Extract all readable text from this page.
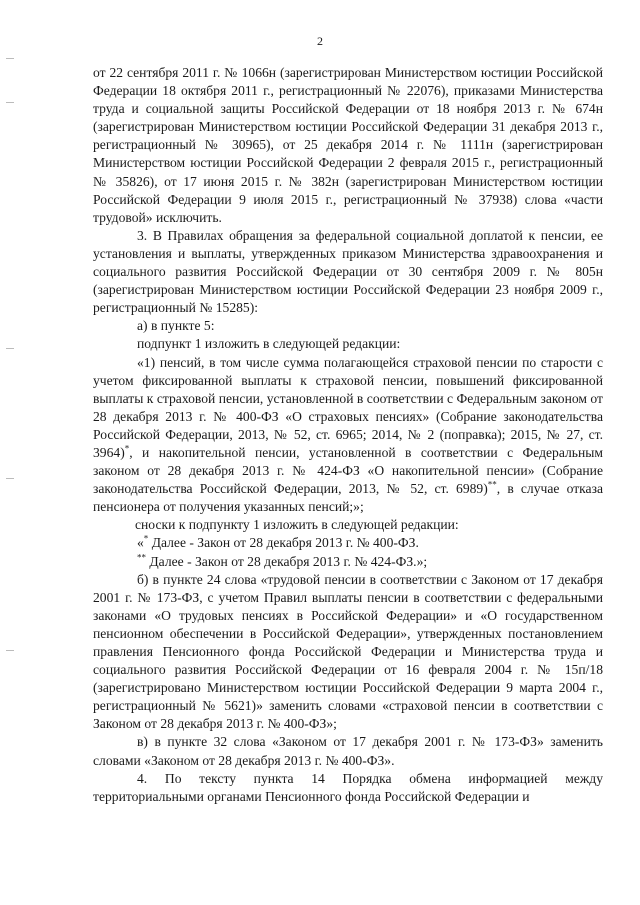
2

от 22 сентября 2011 г. № 1066н (зарегистрирован Министерством юстиции Российской Федерации 18 октября 2011 г., регистрационный № 22076), приказами Министерства труда и социальной защиты Российской Федерации от 18 ноября 2013 г. № 674н (зарегистрирован Министерством юстиции Российской Федерации 31 декабря 2013 г., регистрационный № 30965), от 25 декабря 2014 г. № 1111н (зарегистрирован Министерством юстиции Российской Федерации 2 февраля 2015 г., регистрационный № 35826), от 17 июня 2015 г. № 382н (зарегистрирован Министерством юстиции Российской Федерации 9 июля 2015 г., регистрационный № 37938) слова «части трудовой» исключить.

3. В Правилах обращения за федеральной социальной доплатой к пенсии, ее установления и выплаты, утвержденных приказом Министерства здравоохранения и социального развития Российской Федерации от 30 сентября 2009 г. № 805н (зарегистрирован Министерством юстиции Российской Федерации 23 ноября 2009 г., регистрационный № 15285):

а) в пункте 5:

подпункт 1 изложить в следующей редакции:

«1) пенсий, в том числе сумма полагающейся страховой пенсии по старости с учетом фиксированной выплаты к страховой пенсии, повышений фиксированной выплаты к страховой пенсии, установленной в соответствии с Федеральным законом от 28 декабря 2013 г. № 400-ФЗ «О страховых пенсиях» (Собрание законодательства Российской Федерации, 2013, № 52, ст. 6965; 2014, № 2 (поправка); 2015, № 27, ст. 3964)*, и накопительной пенсии, установленной в соответствии с Федеральным законом от 28 декабря 2013 г. № 424-ФЗ «О накопительной пенсии» (Собрание законодательства Российской Федерации, 2013, № 52, ст. 6989)**, в случае отказа пенсионера от получения указанных пенсий;»;

сноски к подпункту 1 изложить в следующей редакции:

«* Далее - Закон от 28 декабря 2013 г. № 400-ФЗ.

** Далее - Закон от 28 декабря 2013 г. № 424-ФЗ.»;

б) в пункте 24 слова «трудовой пенсии в соответствии с Законом от 17 декабря 2001 г. № 173-ФЗ, с учетом Правил выплаты пенсии в соответствии с федеральными законами «О трудовых пенсиях в Российской Федерации» и «О государственном пенсионном обеспечении в Российской Федерации», утвержденных постановлением правления Пенсионного фонда Российской Федерации и Министерства труда и социального развития Российской Федерации от 16 февраля 2004 г. № 15п/18 (зарегистрировано Министерством юстиции Российской Федерации 9 марта 2004 г., регистрационный № 5621)» заменить словами «страховой пенсии в соответствии с Законом от 28 декабря 2013 г. № 400-ФЗ»;

в) в пункте 32 слова «Законом от 17 декабря 2001 г. № 173-ФЗ» заменить словами «Законом от 28 декабря 2013 г. № 400-ФЗ».

4. По тексту пункта 14 Порядка обмена информацией между территориальными органами Пенсионного фонда Российской Федерации и
